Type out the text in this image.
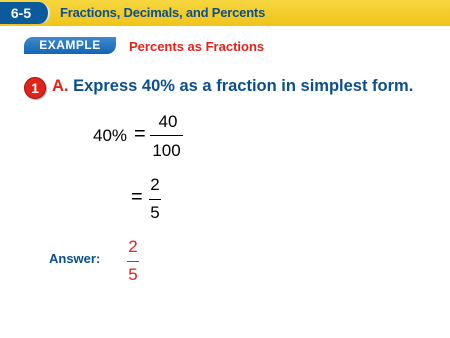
6-5	Fractions, Decimals, and Percents
EXAMPLE	Percents as Fractions
1 A. Express 40% as a fraction in simplest form.
40% =
40
100
=
2
5
Answer:
2
5
